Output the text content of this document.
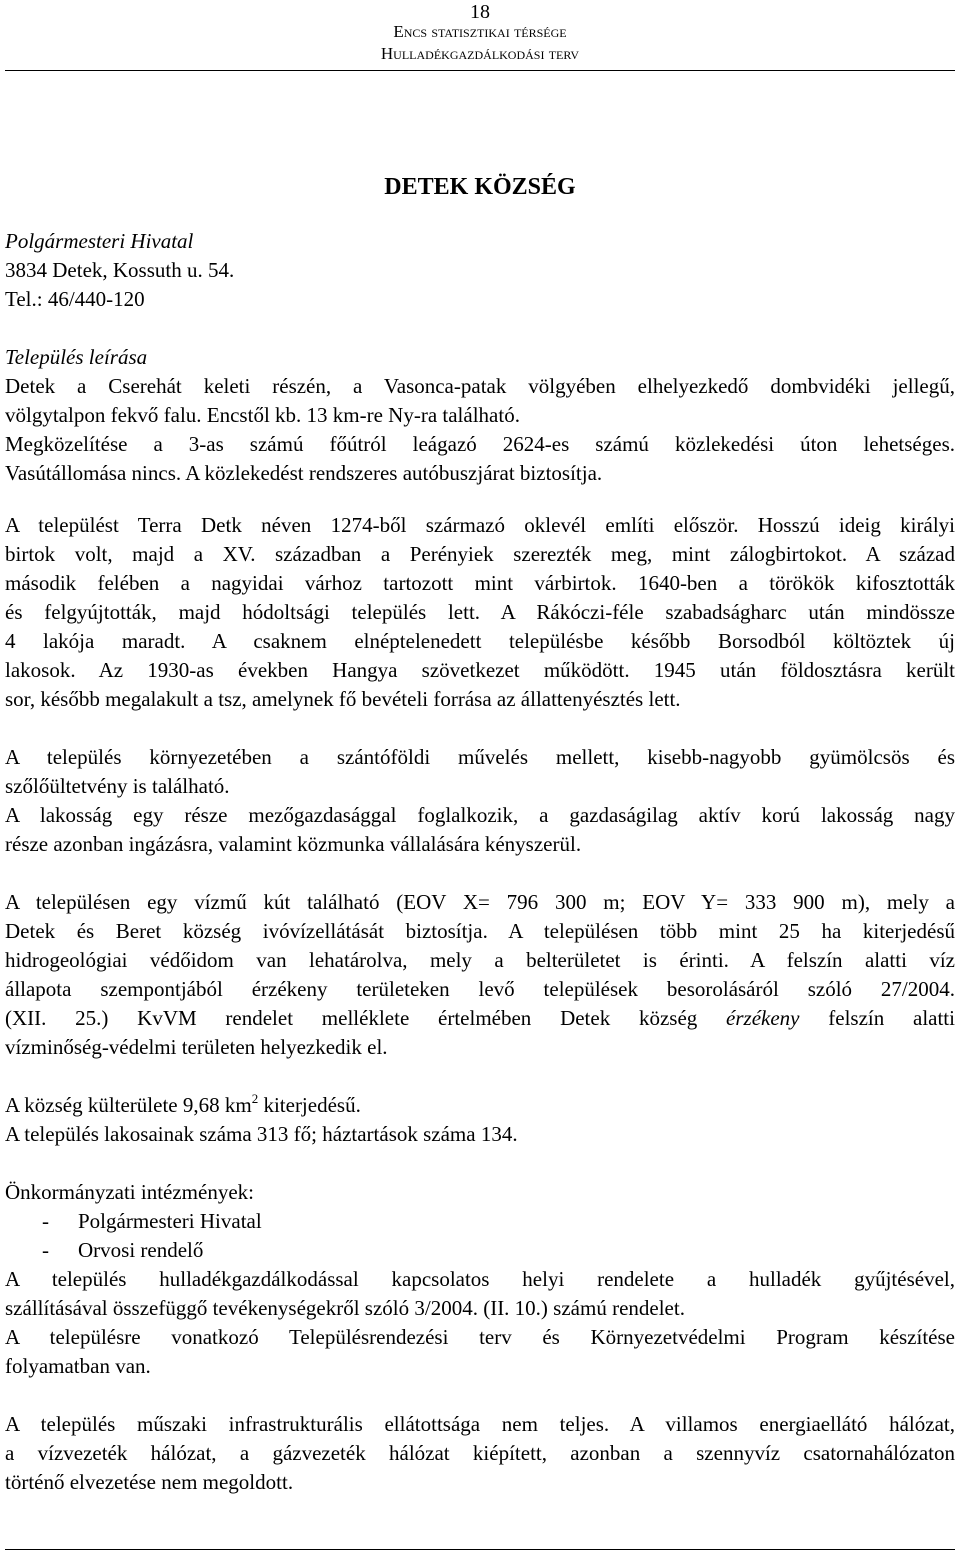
18
Encs statisztikai térsége
Hulladékgazdálkodási terv
DETEK KÖZSÉG
Polgármesteri Hivatal
3834 Detek, Kossuth u. 54.
Tel.: 46/440-120
Település leírása
Detek a Cserehát keleti részén, a Vasonca-patak völgyében elhelyezkedő dombvidéki jellegű,
völgytalpon fekvő falu. Encstől kb. 13 km-re Ny-ra található.
Megközelítése a 3-as számú főútról leágazó 2624-es számú közlekedési úton lehetséges.
Vasútállomása nincs. A közlekedést rendszeres autóbuszjárat biztosítja.
A települést Terra Detk néven 1274-ből származó oklevél említi először. Hosszú ideig királyi
birtok volt, majd a XV. században a Perényiek szerezték meg, mint zálogbirtokot. A század
második felében a nagyidai várhoz tartozott mint várbirtok. 1640-ben a törökök kifosztották
és felgyújtották, majd hódoltsági település lett. A Rákóczi-féle szabadságharc után mindössze
4 lakója maradt. A csaknem elnéptelenedett településbe később Borsodból költöztek új
lakosok. Az 1930-as években Hangya szövetkezet működött. 1945 után földosztásra került
sor, később megalakult a tsz, amelynek fő bevételi forrása az állattenyésztés lett.
A település környezetében a szántóföldi művelés mellett, kisebb-nagyobb gyümölcsös és
szőlőültetvény is található.
A lakosság egy része mezőgazdasággal foglalkozik, a gazdaságilag aktív korú lakosság nagy
része azonban ingázásra, valamint közmunka vállalására kényszerül.
A településen egy vízmű kút található (EOV X= 796 300 m; EOV Y= 333 900 m), mely a
Detek és Beret község ivóvízellátását biztosítja. A településen több mint 25 ha kiterjedésű
hidrogeológiai védőidom van lehatárolva, mely a belterületet is érinti. A felszín alatti víz
állapota szempontjából érzékeny területeken levő települések besorolásáról szóló 27/2004.
(XII. 25.) KvVM rendelet melléklete értelmében Detek község érzékeny felszín alatti
vízminőség-védelmi területen helyezkedik el.
A község külterülete 9,68 $km^2$ kiterjedésű.
A település lakosainak száma 313 fő; háztartások száma 134.
Önkormányzati intézmények:
- Polgármesteri Hivatal
- Orvosi rendelő
A település hulladékgazdálkodással kapcsolatos helyi rendelete a hulladék gyűjtésével,
szállításával összefüggő tevékenységekről szóló 3/2004. (II. 10.) számú rendelet.
A településre vonatkozó Településrendezési terv és Környezetvédelmi Program készítése
folyamatban van.
A település műszaki infrastrukturális ellátottsága nem teljes. A villamos energiaellátó hálózat,
a vízvezeték hálózat, a gázvezeték hálózat kiépített, azonban a szennyvíz csatornahálózaton
történő elvezetése nem megoldott.
